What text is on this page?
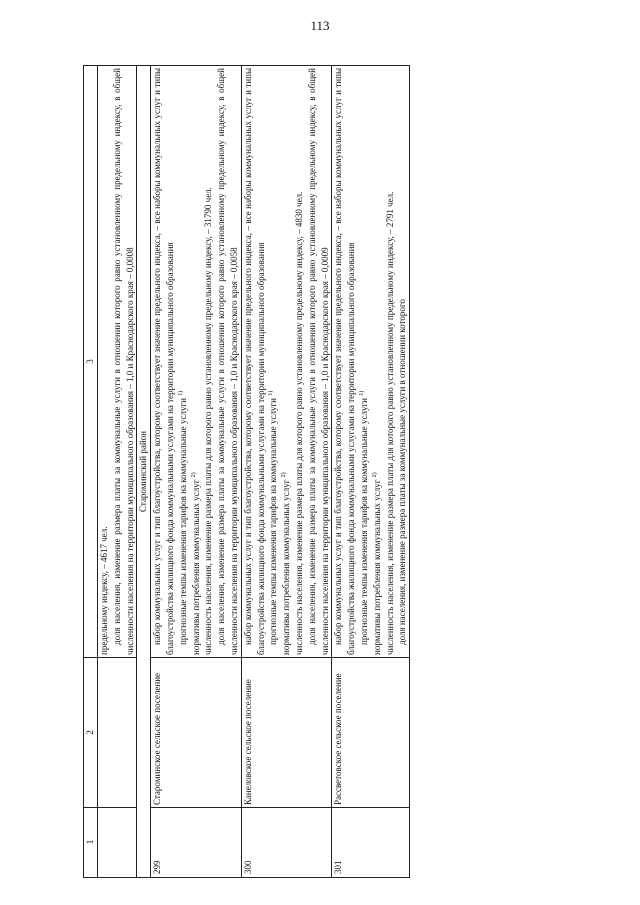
113
1	2	3

		предельному индексу, – 4617 чел. доля населения, изменение размера платы за коммунальные услуги в отношении которого равно установленному предельному индексу, в общей численности населения на территории муниципального образования – 1,0 и Краснодарского края – 0,0008

Староминский район		
299	Староминское сельское поселение	набор коммунальных услуг и тип благоустройства, которому соответствует значение предельного индекса, – все наборы коммунальных услуг и типы благоустройства жилищного фонда коммунальными услугами на территории муниципального образования прогнозные темпы изменения тарифов на коммунальные услуги $^{1)}$

нормативы потребления коммунальных услуг $^{2)}$ численность населения, изменение размера платы для которого равно установленному предельному индексу, – 31790 чел. доля населения, изменение размера платы за коммунальные услуги в отношении которого равно установленному предельному индексу, в общей численности населения на территории муниципального образования – 1,0 и Краснодарского края – 0,0058

300	Канеловское сельское поселение	набор коммунальных услуг и тип благоустройства, которому соответствует значение предельного индекса, – все наборы коммунальных услуг и типы благоустройства жилищного фонда коммунальными услугами на территории муниципального образования прогнозные темпы изменения тарифов на коммунальные услуги $^{1)}$

нормативы потребления коммунальных услуг $^{2)}$ численность населения, изменение размера платы для которого равно установленному предельному индексу, – 4830 чел. доля населения, изменение размера платы за коммунальные услуги в отношении которого равно установленному предельному индексу, в общей численности населения на территории муниципального образования – 1,0 и Краснодарского края – 0,0009

301	Рассветовское сельское поселение	набор коммунальных услуг и тип благоустройства, которому соответствует значение предельного индекса, – все наборы коммунальных услуг и типы благоустройства жилищного фонда коммунальными услугами на территории муниципального образования прогнозные темпы изменения тарифов на коммунальные услуги $^{1)}$

нормативы потребления коммунальных услуг $^{2)}$ численность населения, изменение размера платы для которого равно установленному предельному индексу, – 2791 чел. доля населения, изменение размера платы за коммунальные услуги в отношении которого
